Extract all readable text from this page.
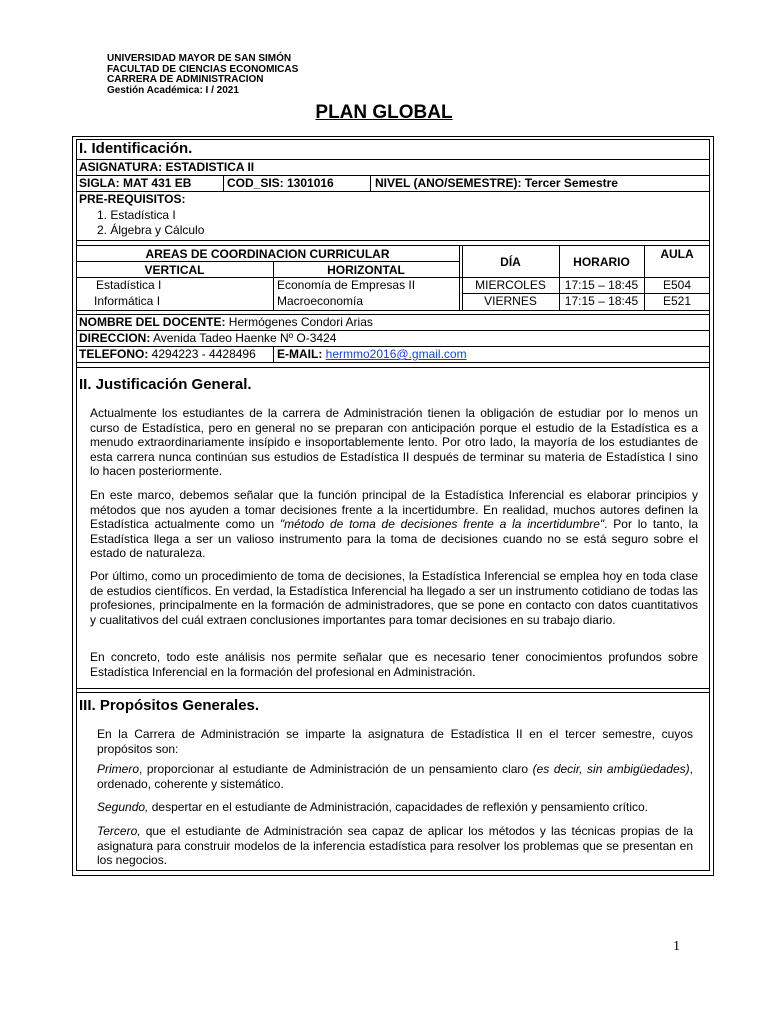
UNIVERSIDAD MAYOR DE SAN SIMÓN
FACULTAD DE CIENCIAS ECONOMICAS
CARRERA DE ADMINISTRACION
Gestión Académica: I / 2021
PLAN GLOBAL
I. Identificación.
ASIGNATURA: ESTADISTICA II
SIGLA: MAT 431 EB	COD_SIS: 1301016	NIVEL (ANO/SEMESTRE): Tercer Semestre
PRE-REQUISITOS:
1. Estadística I
2. Álgebra y Cálculo
AREAS DE COORDINACION CURRICULAR
VERTICAL	HORIZONTAL
DÍA	HORARIO
AULA
Estadística I	Economía de Empresas II	MIERCOLES	17:15 – 18:45	E504
Informática I	Macroeconomía	VIERNES	17:15 – 18:45	E521
NOMBRE DEL DOCENTE: Hermógenes Condori Arias
DIRECCION: Avenida Tadeo Haenke Nº O-3424
TELEFONO: 4294223 - 4428496 E-MAIL: hermmo2016@.gmail.com
II. Justificación General.
Actualmente los estudiantes de la carrera de Administración tienen la obligación de estudiar por lo menos un curso de Estadística, pero en general no se preparan con anticipación porque el estudio de la Estadística es a menudo extraordinariamente insípido e insoportablemente lento. Por otro lado, la mayoría de los estudiantes de esta carrera nunca continúan sus estudios de Estadística II después de terminar su materia de Estadística I sino lo hacen posteriormente.
En este marco, debemos señalar que la función principal de la Estadística Inferencial es elaborar principios y métodos que nos ayuden a tomar decisiones frente a la incertidumbre. En realidad, muchos autores definen la Estadística actualmente como un "método de toma de decisiones frente a la incertidumbre". Por lo tanto, la Estadística llega a ser un valioso instrumento para la toma de decisiones cuando no se está seguro sobre el estado de naturaleza.
Por último, como un procedimiento de toma de decisiones, la Estadística Inferencial se emplea hoy en toda clase de estudios científicos. En verdad, la Estadística Inferencial ha llegado a ser un instrumento cotidiano de todas las profesiones, principalmente en la formación de administradores, que se pone en contacto con datos cuantitativos y cualitativos del cuál extraen conclusiones importantes para tomar decisiones en su trabajo diario.
En concreto, todo este análisis nos permite señalar que es necesario tener conocimientos profundos sobre Estadística Inferencial en la formación del profesional en Administración.
III. Propósitos Generales.
En la Carrera de Administración se imparte la asignatura de Estadística II en el tercer semestre, cuyos propósitos son:
Primero, proporcionar al estudiante de Administración de un pensamiento claro (es decir, sin ambigüedades), ordenado, coherente y sistemático.
Segundo, despertar en el estudiante de Administración, capacidades de reflexión y pensamiento crítico.
Tercero, que el estudiante de Administración sea capaz de aplicar los métodos y las técnicas propias de la asignatura para construir modelos de la inferencia estadística para resolver los problemas que se presentan en los negocios.
1
